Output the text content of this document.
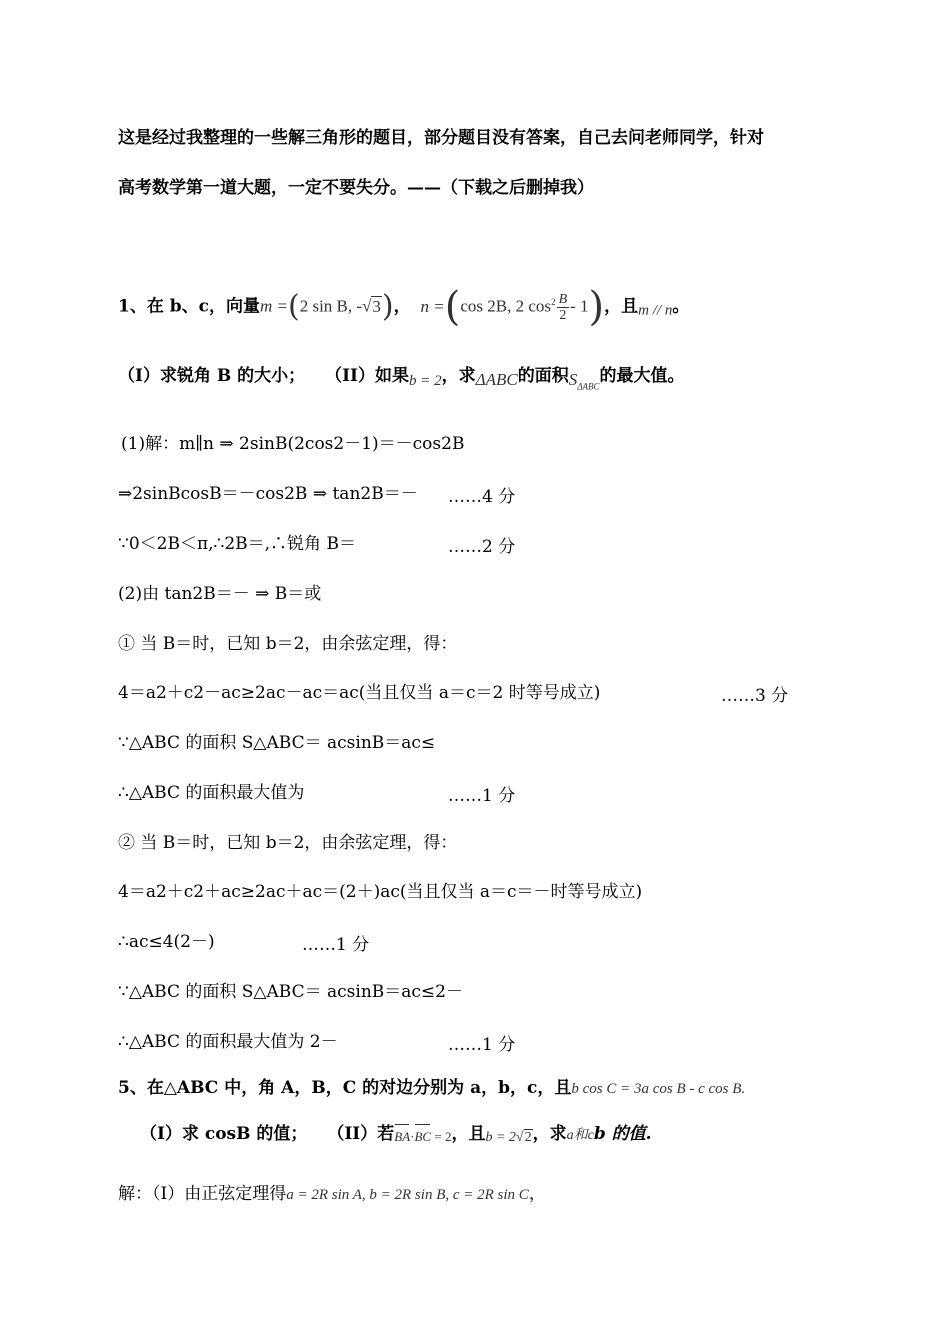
这是经过我整理的一些解三角形的题目，部分题目没有答案，自己去问老师同学，针对
高考数学第一道大题，一定不要失分。——（下载之后删掉我）
1、在 b、c，向量m =(2 sin B, -√3)， n =(cos 2B, 2 $\cos^2 \frac{B}{2} - 1$)，且m // n。
（I）求锐角 B 的大小； （II）如果b = 2，求ΔABC的面积$S_{\Delta ABC}$的最大值。
(1)解：m∥n ⇒ 2sinB(2cos2－1)＝－cos2B
⇒2sinBcosB＝－cos2B ⇒ tan2B＝－ ……4 分
∵0＜2B＜π,∴2B＝,∴锐角 B＝	……2 分
(2)由 tan2B＝－ ⇒ B＝或
① 当 B＝时，已知 b＝2，由余弦定理，得：
4＝a2＋c2－ac≥2ac－ac＝ac(当且仅当 a＝c＝2 时等号成立)	……3 分
∵△ABC 的面积 S△ABC＝ acsinB＝ac≤
∴△ABC 的面积最大值为	……1 分
② 当 B＝时，已知 b＝2，由余弦定理，得：
4＝a2＋c2＋ac≥2ac＋ac＝(2＋)ac(当且仅当 a＝c＝－时等号成立)
∴ac≤4(2－)	……1 分
∵△ABC 的面积 S△ABC＝ acsinB＝ac≤2－
∴△ABC 的面积最大值为 2－	……1 分
5、在△ABC 中，角 A，B，C 的对边分别为 a，b，c，且b cos C = 3a cos B - c cos B.
（I）求 cosB 的值； （II）若BA·BC = 2，且b = 2√2，求a和cb 的值.
解：（I）由正弦定理得a = 2R sin A, b = 2R sin B, c = 2R sin C，
